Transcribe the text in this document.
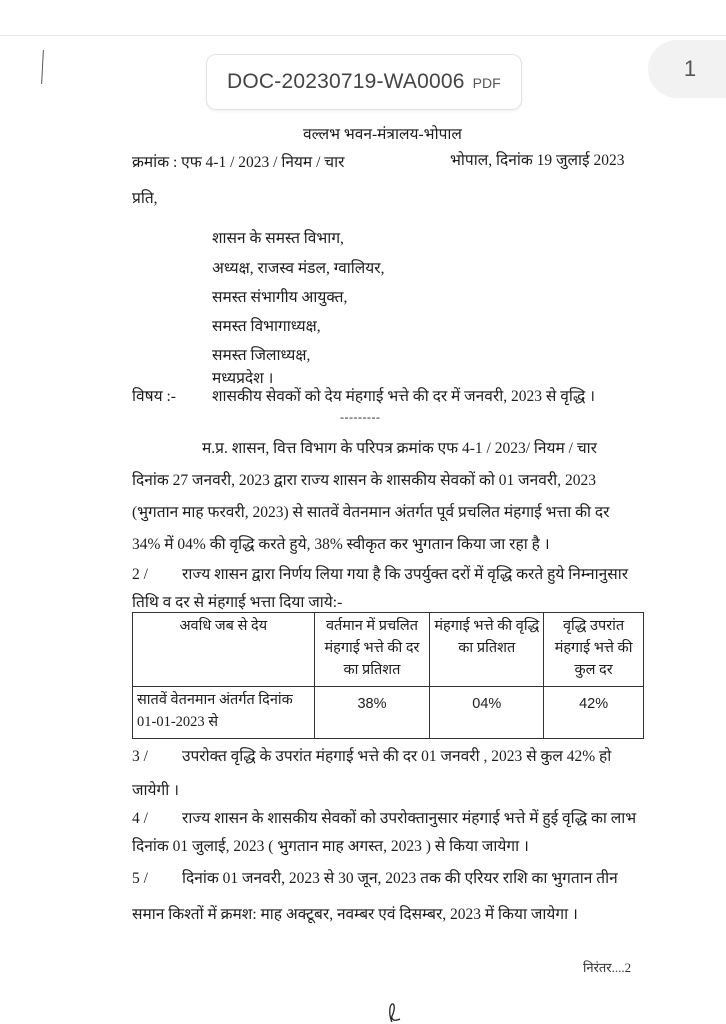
DOC-20230719-WA0006 PDF
1
वल्लभ भवन-मंत्रालय-भोपाल
क्रमांक : एफ 4-1 / 2023 / नियम / चार	भोपाल, दिनांक 19 जुलाई 2023
प्रति,
शासन के समस्त विभाग,
अध्यक्ष, राजस्व मंडल, ग्वालियर,
समस्त संभागीय आयुक्त,
समस्त विभागाध्यक्ष,
समस्त जिलाध्यक्ष,
मध्यप्रदेश ।
विषय :- शासकीय सेवकों को देय मंहगाई भत्ते की दर में जनवरी, 2023 से वृद्धि ।
---------
म.प्र. शासन, वित्त विभाग के परिपत्र क्रमांक एफ 4-1 / 2023/ नियम / चार
दिनांक 27 जनवरी, 2023 द्वारा राज्य शासन के शासकीय सेवकों को 01 जनवरी, 2023
(भुगतान माह फरवरी, 2023) से सातवें वेतनमान अंतर्गत पूर्व प्रचलित मंहगाई भत्ता की दर
34% में 04% की वृद्धि करते हुये, 38% स्वीकृत कर भुगतान किया जा रहा है ।
2 / राज्य शासन द्वारा निर्णय लिया गया है कि उपर्युक्त दरों में वृद्धि करते हुये निम्नानुसार
तिथि व दर से मंहगाई भत्ता दिया जाये:-
अवधि जब से देय	वर्तमान में प्रचलित मंहगाई भत्ते की दर का प्रतिशत	मंहगाई भत्ते की वृद्धि का प्रतिशत	वृद्धि उपरांत मंहगाई भत्ते की कुल दर
सातवें वेतनमान अंतर्गत दिनांक 01-01-2023 से	38%	04%	42%
3 / उपरोक्त वृद्धि के उपरांत मंहगाई भत्ते की दर 01 जनवरी , 2023 से कुल 42% हो
जायेगी ।
4 / राज्य शासन के शासकीय सेवकों को उपरोक्तानुसार मंहगाई भत्ते में हुई वृद्धि का लाभ
दिनांक 01 जुलाई, 2023 ( भुगतान माह अगस्त, 2023 ) से किया जायेगा ।
5 / दिनांक 01 जनवरी, 2023 से 30 जून, 2023 तक की एरियर राशि का भुगतान तीन
समान किश्तों में क्रमश: माह अक्टूबर, नवम्बर एवं दिसम्बर, 2023 में किया जायेगा ।
निरंतर....2
